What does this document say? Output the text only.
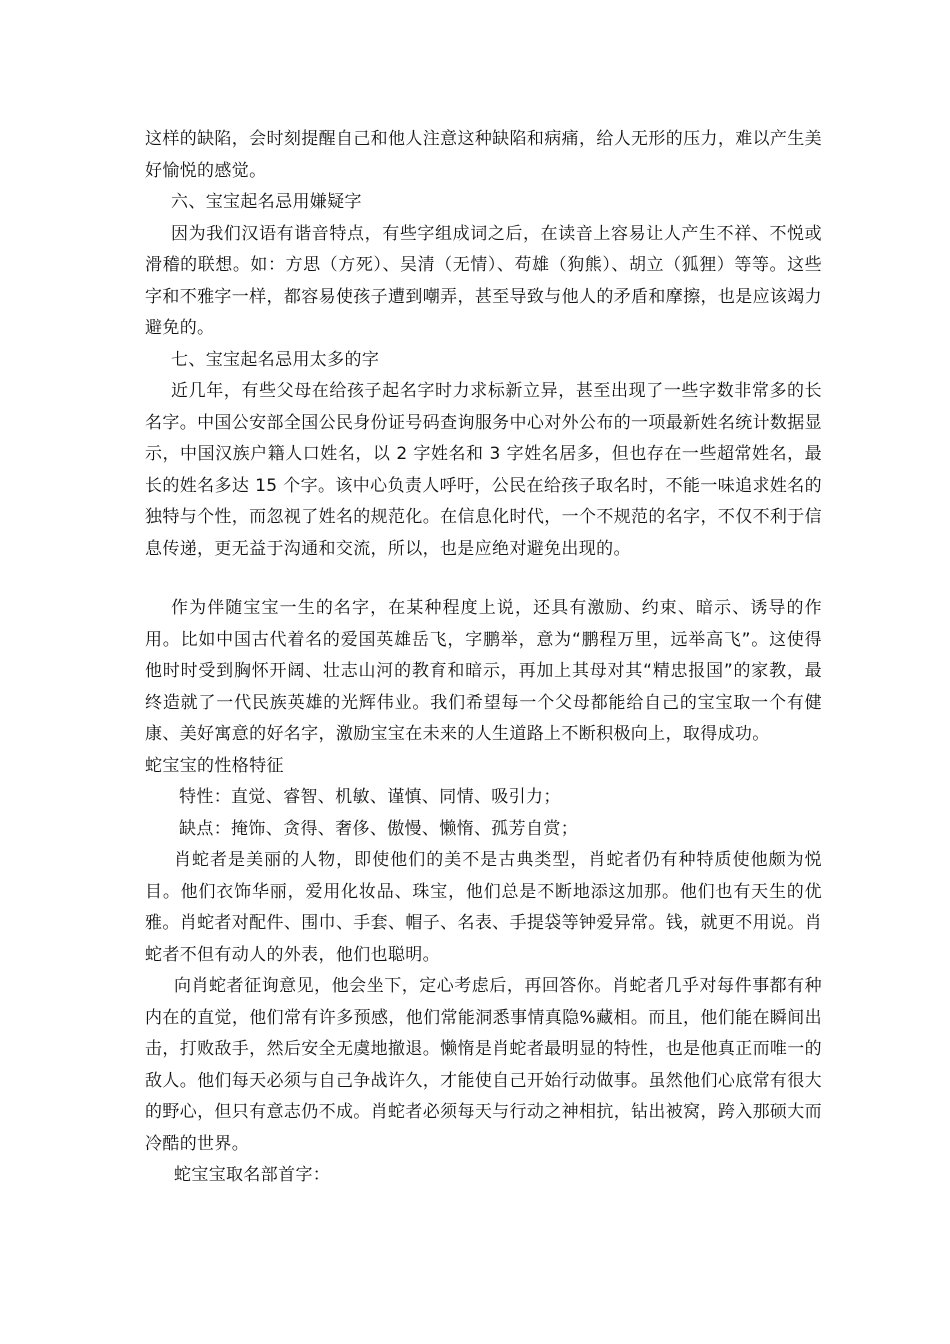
这样的缺陷，会时刻提醒自己和他人注意这种缺陷和病痛，给人无形的压力，难以产生美好愉悦的感觉。

六、宝宝起名忌用嫌疑字

因为我们汉语有谐音特点，有些字组成词之后，在读音上容易让人产生不祥、不悦或滑稽的联想。如：方思（方死）、吴清（无情）、苟雄（狗熊）、胡立（狐狸）等等。这些字和不雅字一样，都容易使孩子遭到嘲弄，甚至导致与他人的矛盾和摩擦，也是应该竭力避免的。

七、宝宝起名忌用太多的字

近几年，有些父母在给孩子起名字时力求标新立异，甚至出现了一些字数非常多的长名字。中国公安部全国公民身份证号码查询服务中心对外公布的一项最新姓名统计数据显示，中国汉族户籍人口姓名，以 2 字姓名和 3 字姓名居多，但也存在一些超常姓名，最长的姓名多达 15 个字。该中心负责人呼吁，公民在给孩子取名时，不能一味追求姓名的独特与个性，而忽视了姓名的规范化。在信息化时代，一个不规范的名字，不仅不利于信息传递，更无益于沟通和交流，所以，也是应绝对避免出现的。

作为伴随宝宝一生的名字，在某种程度上说，还具有激励、约束、暗示、诱导的作用。比如中国古代着名的爱国英雄岳飞，字鹏举，意为“鹏程万里，远举高飞”。这使得他时时受到胸怀开阔、壮志山河的教育和暗示，再加上其母对其“精忠报国”的家教，最终造就了一代民族英雄的光辉伟业。我们希望每一个父母都能给自己的宝宝取一个有健康、美好寓意的好名字，激励宝宝在未来的人生道路上不断积极向上，取得成功。

蛇宝宝的性格特征

特性：直觉、睿智、机敏、谨慎、同情、吸引力；

缺点：掩饰、贪得、奢侈、傲慢、懒惰、孤芳自赏；

肖蛇者是美丽的人物，即使他们的美不是古典类型，肖蛇者仍有种特质使他颇为悦目。他们衣饰华丽，爱用化妆品、珠宝，他们总是不断地添这加那。他们也有天生的优雅。肖蛇者对配件、围巾、手套、帽子、名表、手提袋等钟爱异常。钱，就更不用说。肖蛇者不但有动人的外表，他们也聪明。

向肖蛇者征询意见，他会坐下，定心考虑后，再回答你。肖蛇者几乎对每件事都有种内在的直觉，他们常有许多预感，他们常能洞悉事情真隐%藏相。而且，他们能在瞬间出击，打败敌手，然后安全无虞地撤退。懒惰是肖蛇者最明显的特性，也是他真正而唯一的敌人。他们每天必须与自己争战许久，才能使自己开始行动做事。虽然他们心底常有很大的野心，但只有意志仍不成。肖蛇者必须每天与行动之神相抗，钻出被窝，跨入那硕大而冷酷的世界。

蛇宝宝取名部首字：
